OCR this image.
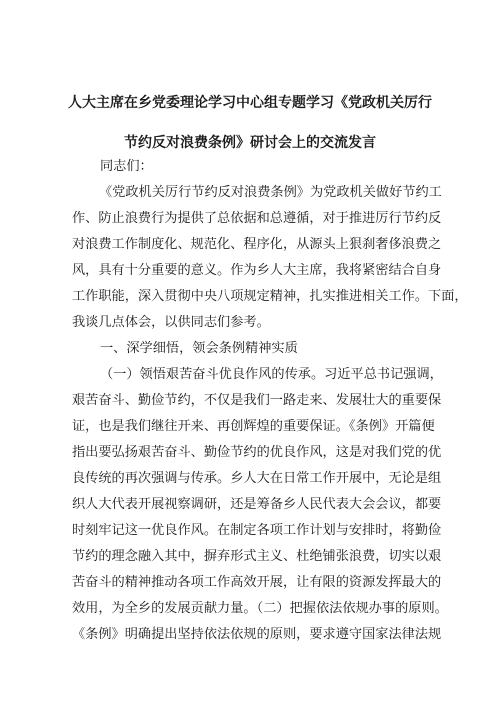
人大主席在乡党委理论学习中心组专题学习《党政机关厉行
节约反对浪费条例》研讨会上的交流发言
同志们：
《党政机关厉行节约反对浪费条例》为党政机关做好节约工
作、防止浪费行为提供了总依据和总遵循，对于推进厉行节约反
对浪费工作制度化、规范化、程序化，从源头上狠刹奢侈浪费之
风，具有十分重要的意义。作为乡人大主席，我将紧密结合自身
工作职能，深入贯彻中央八项规定精神，扎实推进相关工作。下面，
我谈几点体会，以供同志们参考。
一、深学细悟，领会条例精神实质
（一）领悟艰苦奋斗优良作风的传承。习近平总书记强调，
艰苦奋斗、勤俭节约，不仅是我们一路走来、发展壮大的重要保
证，也是我们继往开来、再创辉煌的重要保证。《条例》开篇便
指出要弘扬艰苦奋斗、勤俭节约的优良作风，这是对我们党的优
良传统的再次强调与传承。乡人大在日常工作开展中，无论是组
织人大代表开展视察调研，还是筹备乡人民代表大会会议，都要
时刻牢记这一优良作风。在制定各项工作计划与安排时，将勤俭
节约的理念融入其中，摒弃形式主义、杜绝铺张浪费，切实以艰
苦奋斗的精神推动各项工作高效开展，让有限的资源发挥最大的
效用，为全乡的发展贡献力量。（二）把握依法依规办事的原则。
《条例》明确提出坚持依法依规的原则，要求遵守国家法律法规
